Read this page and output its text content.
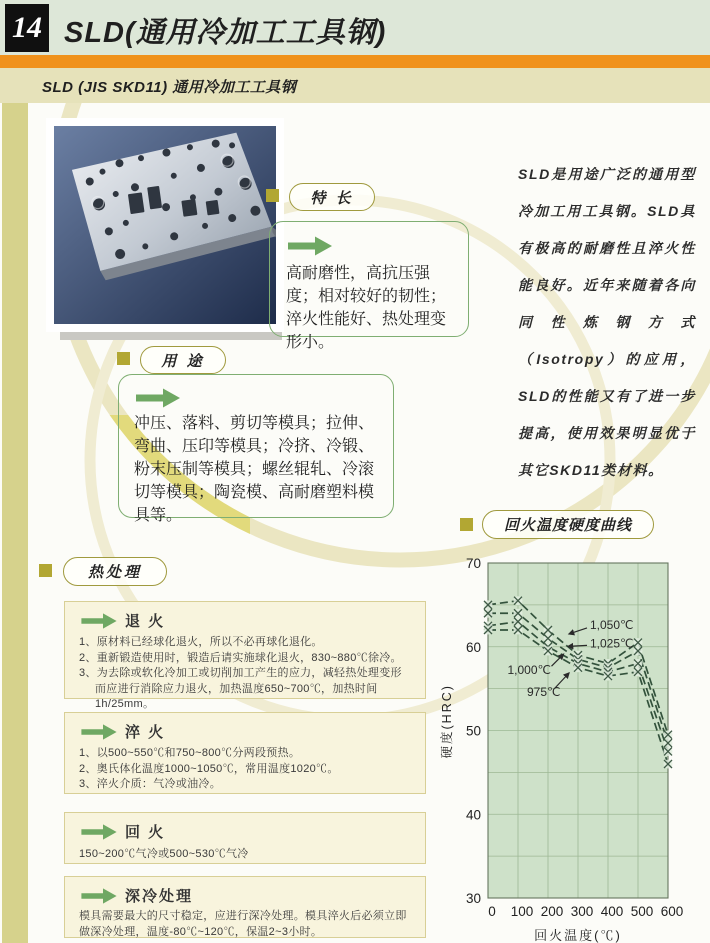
14 SLD(通用冷加工工具钢)
SLD (JIS SKD11) 通用冷加工工具钢
SLD是用途广泛的通用型冷加工用工具钢。SLD具有极高的耐磨性且淬火性能良好。近年来随着各向同性炼钢方式（Isotropy）的应用，SLD的性能又有了进一步提高，使用效果明显优于其它SKD11类材料。
特 长
高耐磨性，高抗压强度；相对较好的韧性；淬火性能好、热处理变形小。
用 途
冲压、落料、剪切等模具；拉伸、弯曲、压印等模具；冷挤、冷锻、粉末压制等模具；螺丝辊轧、冷滚切等模具；陶瓷模、高耐磨塑料模具等。
热处理
退 火
1、原材料已经球化退火，所以不必再球化退化。
2、重新锻造使用时，锻造后请实施球化退火，830~880℃徐冷。
3、为去除或软化冷加工或切削加工产生的应力，减轻热处理变形而应进行消除应力退火，加热温度650~700℃，加热时间1h/25mm。
淬 火
1、以500~550℃和750~800℃分两段预热。
2、奥氏体化温度1000~1050℃，常用温度1020℃。
3、淬火介质：气冷或油冷。
回 火
150~200℃气冷或500~530℃气冷
深冷处理
模具需要最大的尺寸稳定，应进行深冷处理。模具淬火后必须立即做深冷处理，温度-80℃~120℃，保温2~3小时。
回火温度硬度曲线
1,050℃
1,025℃
1,000℃
975℃
30
40
50
60
70
0 100 200 300 400 500 600
硬度(HRC)
回火温度(℃)
